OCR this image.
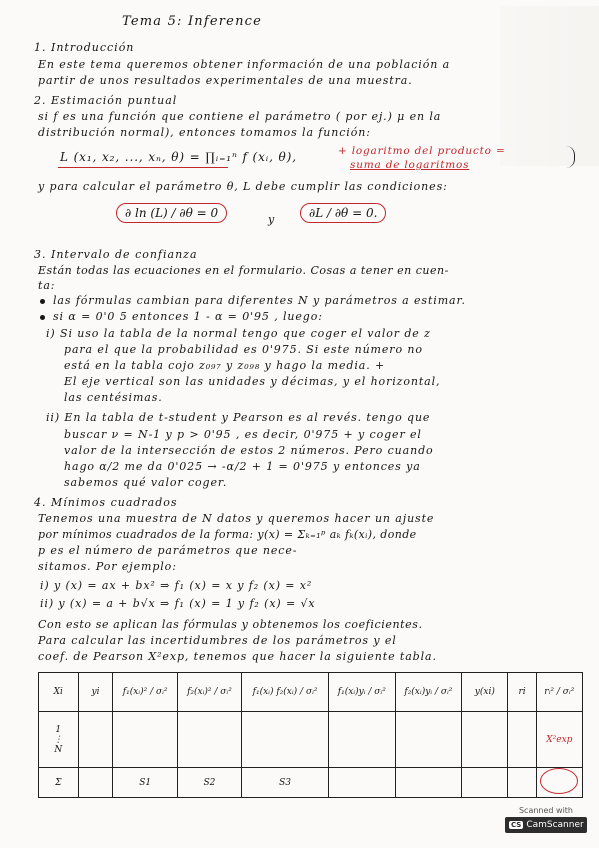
Tema 5: Inference
1. Introducción
En este tema queremos obtener información de una población a
partir de unos resultados experimentales de una muestra.
2. Estimación puntual
si f es una función que contiene el parámetro ( por ej.) μ en la
distribución normal), entonces tomamos la función:
L (x₁, x₂, ..., xₙ, θ) = ∏ᵢ₌₁ⁿ f (xᵢ, θ),	+ logaritmo del producto =
suma de logaritmos
y para calcular el parámetro θ, L debe cumplir las condiciones:
∂ ln (L) / ∂θ = 0	y	∂L / ∂θ = 0.
3. Intervalo de confianza
Están todas las ecuaciones en el formulario. Cosas a tener en cuen-
ta:
las fórmulas cambian para diferentes N y parámetros a estimar.
si α = 0'0 5 entonces 1 - α = 0'95 , luego:
i) Si uso la tabla de la normal tengo que coger el valor de z
para el que la probabilidad es 0'975. Si este número no
está en la tabla cojo z₀₉₇ y z₀₉₈ y hago la media. +
El eje vertical son las unidades y décimas, y el horizontal,
las centésimas.
ii) En la tabla de t-student y Pearson es al revés. tengo que
buscar ν = N-1 y p > 0'95 , es decir, 0'975 + y coger el
valor de la intersección de estos 2 números. Pero cuando
hago α/2 me da 0'025 → -α/2 + 1 = 0'975 y entonces ya
sabemos qué valor coger.
4. Mínimos cuadrados
Tenemos una muestra de N datos y queremos hacer un ajuste
por mínimos cuadrados de la forma: y(x) = Σₖ₌₁ᵖ aₖ fₖ(xᵢ), donde
p es el número de parámetros que nece-
sitamos. Por ejemplo:
i) y (x) = ax + bx² ⇒ f₁ (x) = x y f₂ (x) = x²
ii) y (x) = a + b√x ⇒ f₁ (x) = 1 y f₂ (x) = √x
Con esto se aplican las fórmulas y obtenemos los coeficientes.
Para calcular las incertidumbres de los parámetros y el
coef. de Pearson X²exp, tenemos que hacer la siguiente tabla.
Xi	yi	f₁(xᵢ)² / σᵢ²	f₂(xᵢ)² / σᵢ²	f₁(xᵢ) f₂(xᵢ) / σᵢ²	f₁(xᵢ)yᵢ / σᵢ²	f₂(xᵢ)yᵢ / σᵢ²	y(xi)	ri	rᵢ² / σᵢ²

1
⋮
N									X²exp
Σ		S1	S2	S3					
Scanned with
CS CamScanner
